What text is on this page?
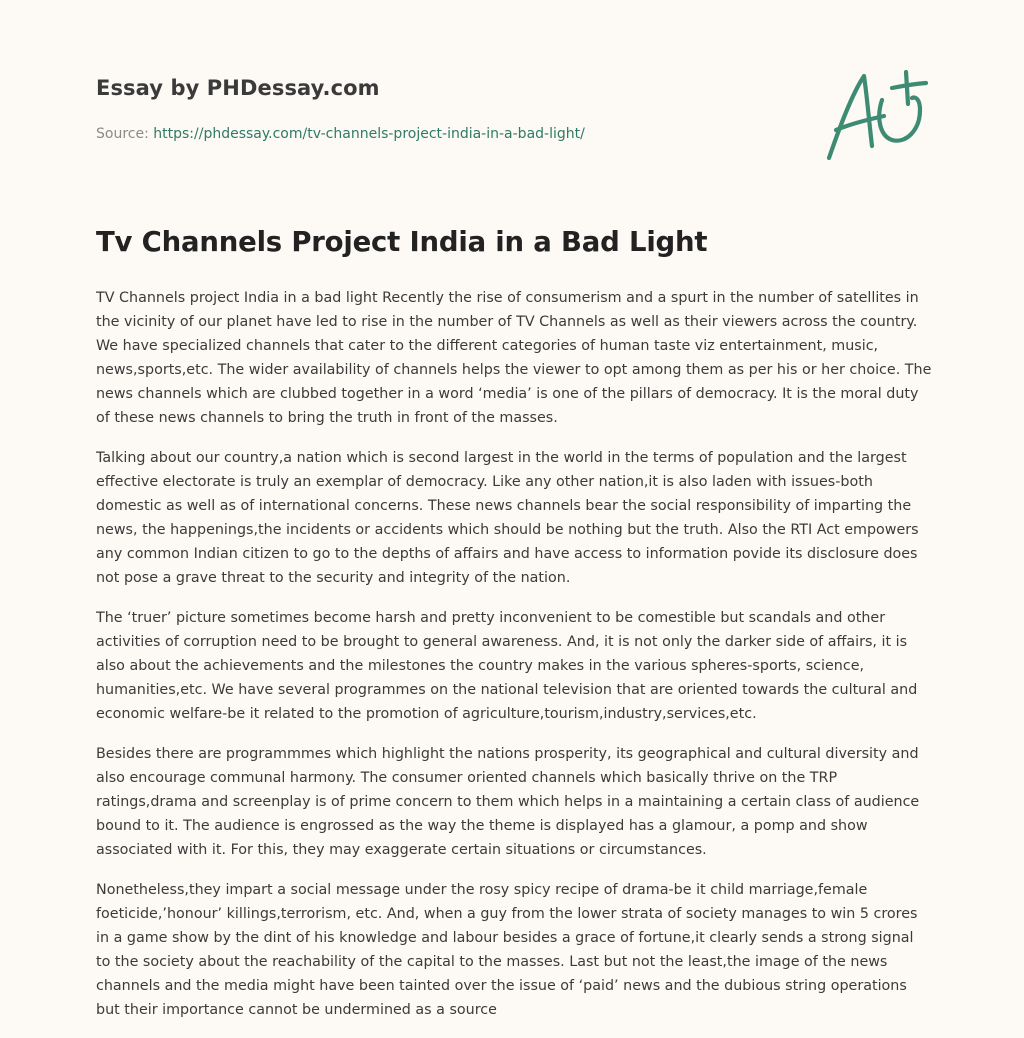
Essay by PHDessay.com
Source: https://phdessay.com/tv-channels-project-india-in-a-bad-light/
Tv Channels Project India in a Bad Light

TV Channels project India in a bad light Recently the rise of consumerism and a spurt in the number of satellites in the vicinity of our planet have led to rise in the number of TV Channels as well as their viewers across the country. We have specialized channels that cater to the different categories of human taste viz entertainment, music, news,sports,etc. The wider availability of channels helps the viewer to opt among them as per his or her choice. The news channels which are clubbed together in a word ‘media’ is one of the pillars of democracy. It is the moral duty of these news channels to bring the truth in front of the masses.

Talking about our country,a nation which is second largest in the world in the terms of population and the largest effective electorate is truly an exemplar of democracy. Like any other nation,it is also laden with issues-both domestic as well as of international concerns. These news channels bear the social responsibility of imparting the news, the happenings,the incidents or accidents which should be nothing but the truth. Also the RTI Act empowers any common Indian citizen to go to the depths of affairs and have access to information povide its disclosure does not pose a grave threat to the security and integrity of the nation.

The ‘truer’ picture sometimes become harsh and pretty inconvenient to be comestible but scandals and other activities of corruption need to be brought to general awareness. And, it is not only the darker side of affairs, it is also about the achievements and the milestones the country makes in the various spheres-sports, science, humanities,etc. We have several programmes on the national television that are oriented towards the cultural and economic welfare-be it related to the promotion of agriculture,tourism,industry,services,etc.

Besides there are programmmes which highlight the nations prosperity, its geographical and cultural diversity and also encourage communal harmony. The consumer oriented channels which basically thrive on the TRP ratings,drama and screenplay is of prime concern to them which helps in a maintaining a certain class of audience bound to it. The audience is engrossed as the way the theme is displayed has a glamour, a pomp and show associated with it. For this, they may exaggerate certain situations or circumstances.

Nonetheless,they impart a social message under the rosy spicy recipe of drama-be it child marriage,female foeticide,’honour’ killings,terrorism, etc. And, when a guy from the lower strata of society manages to win 5 crores in a game show by the dint of his knowledge and labour besides a grace of fortune,it clearly sends a strong signal to the society about the reachability of the capital to the masses. Last but not the least,the image of the news channels and the media might have been tainted over the issue of ‘paid’ news and the dubious string operations but their importance cannot be undermined as a source
